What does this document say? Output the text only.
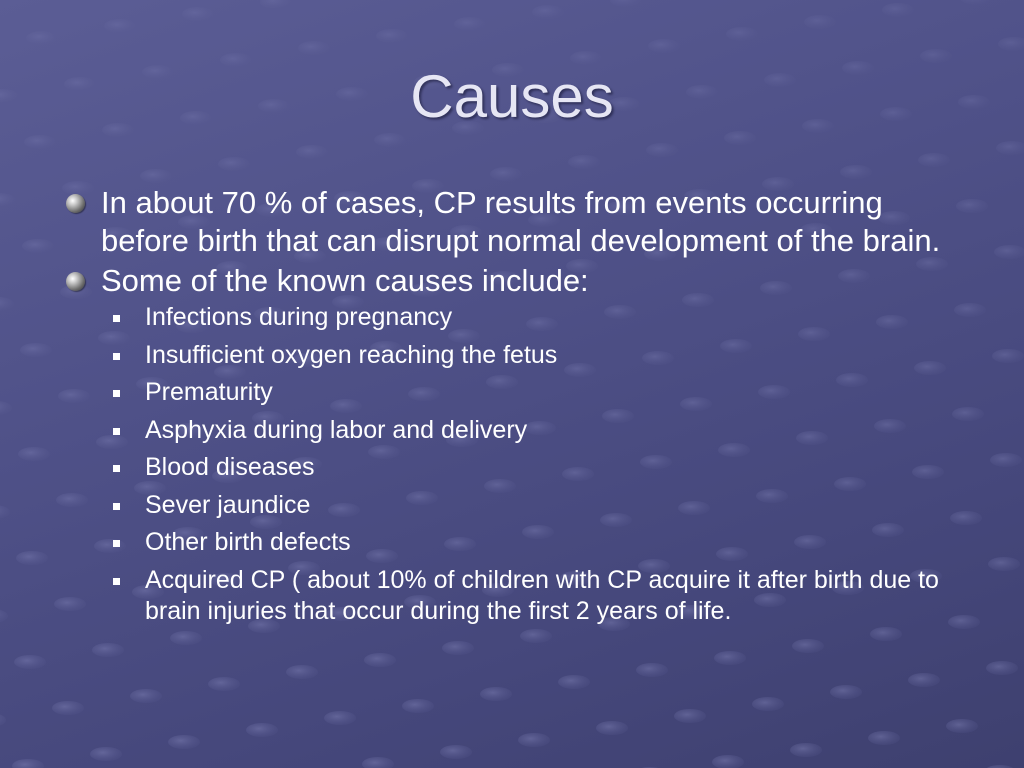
Causes
In about 70 % of cases, CP results from events occurring before birth that can disrupt normal development of the brain.
Some of the known causes include:
Infections during pregnancy
Insufficient oxygen reaching the fetus
Prematurity
Asphyxia during labor and delivery
Blood diseases
Sever jaundice
Other birth defects
Acquired CP ( about 10% of children with CP acquire it after birth due to brain injuries that occur during the first 2 years of life.
